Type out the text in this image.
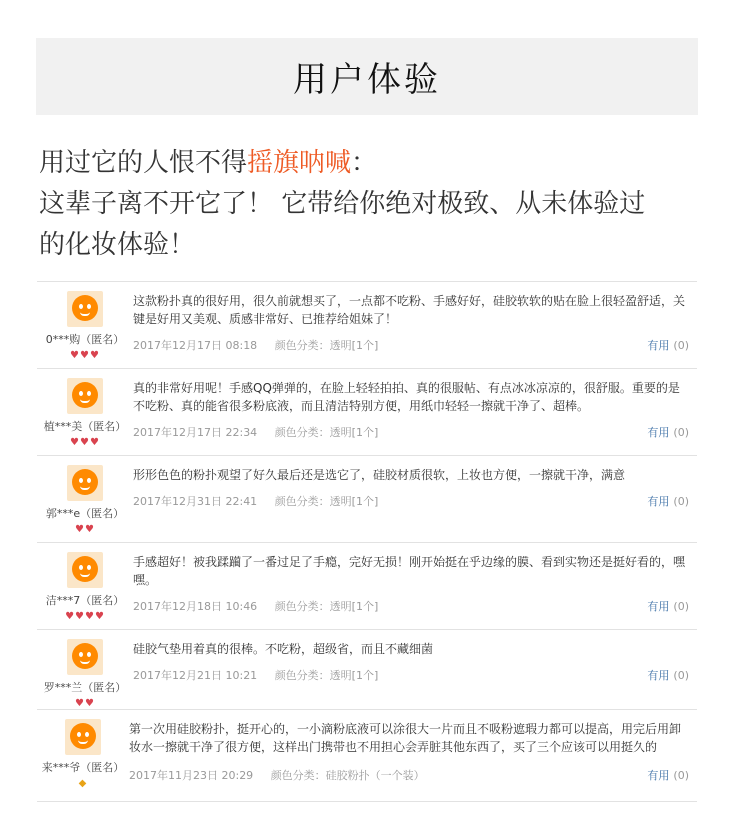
用户体验
用过它的人恨不得摇旗呐喊：
这辈子离不开它了！ 它带给你绝对极致、从未体验过
的化妆体验！
0***购（匿名）
♥♥♥
这款粉扑真的很好用，很久前就想买了，一点都不吃粉、手感好好，硅胶软软的贴在脸上很轻盈舒适，关键是好用又美观、质感非常好、已推荐给姐妹了！
2017年12月17日 08:18 颜色分类：透明[1个]	有用 (0)
植***美（匿名）
♥♥♥
真的非常好用呢！手感QQ弹弹的，在脸上轻轻拍拍、真的很服帖、有点冰冰凉凉的，很舒服。重要的是不吃粉、真的能省很多粉底液，而且清洁特别方便，用纸巾轻轻一擦就干净了、超棒。
2017年12月17日 22:34 颜色分类：透明[1个]	有用 (0)
郭***e（匿名）
♥♥
形形色色的粉扑观望了好久最后还是选它了，硅胶材质很软，上妆也方便，一擦就干净，满意
2017年12月31日 22:41 颜色分类：透明[1个]	有用 (0)
洁***7（匿名）
♥♥♥♥
手感超好！被我蹂躏了一番过足了手瘾，完好无损！刚开始挺在乎边缘的膜、看到实物还是挺好看的，嘿嘿。
2017年12月18日 10:46 颜色分类：透明[1个]	有用 (0)
罗***兰（匿名）
♥♥
硅胶气垫用着真的很棒。不吃粉，超级省，而且不藏细菌
2017年12月21日 10:21 颜色分类：透明[1个]	有用 (0)
来***爷（匿名）
◆
第一次用硅胶粉扑，挺开心的，一小滴粉底液可以涂很大一片而且不吸粉遮瑕力都可以提高，用完后用卸妆水一擦就干净了很方便，这样出门携带也不用担心会弄脏其他东西了，买了三个应该可以用挺久的
2017年11月23日 20:29 颜色分类：硅胶粉扑（一个装）	有用 (0)
